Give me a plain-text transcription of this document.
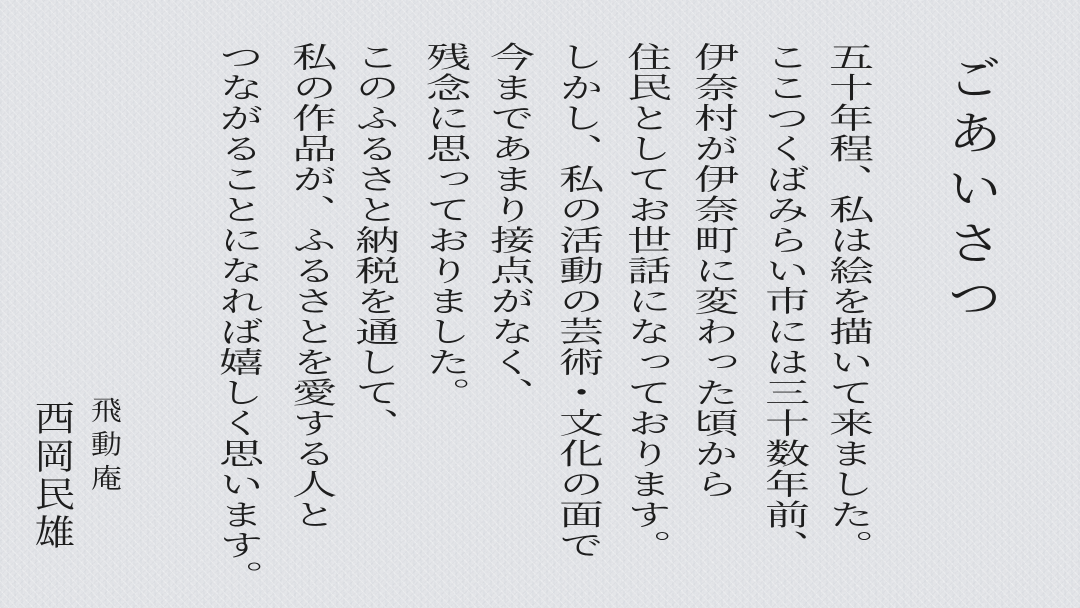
ごあいさつ
五十年程、私は絵を描いて来ました。
ここつくばみらい市には三十数年前、
伊奈村が伊奈町に変わった頃から
住民としてお世話になっております。
しかし、私の活動の芸術・文化の面で
今まであまり接点がなく、
残念に思っておりました。
このふるさと納税を通して、
私の作品が、ふるさとを愛する人と
つながることになれば嬉しく思います。
飛動庵
西岡民雄
